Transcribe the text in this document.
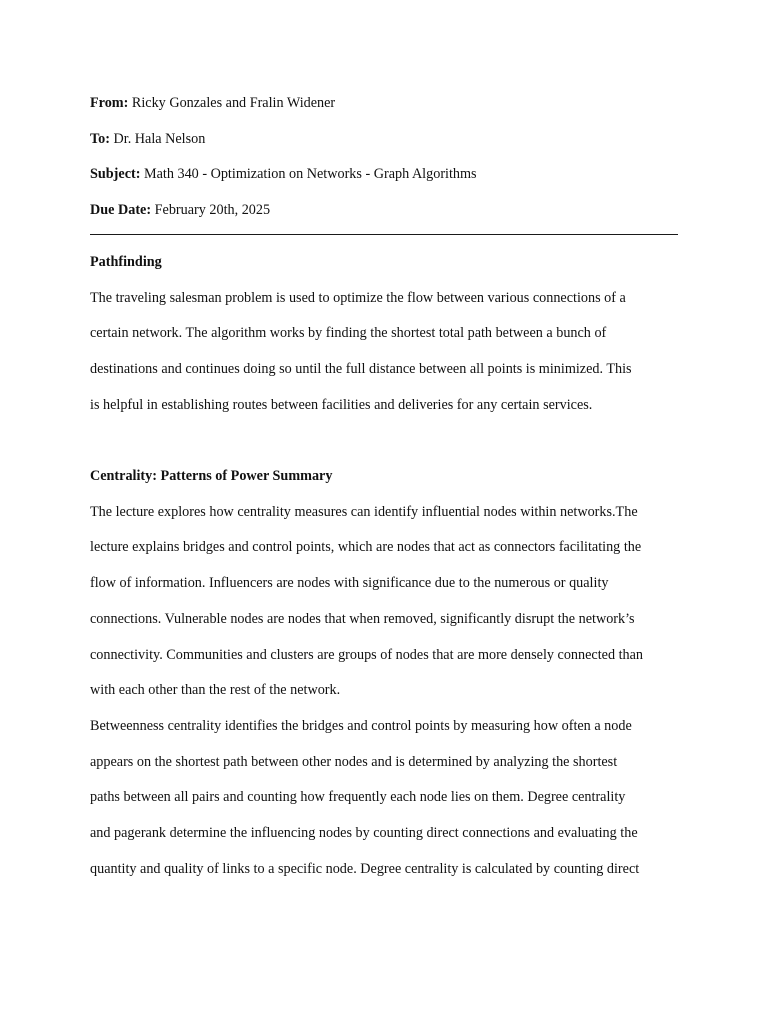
From: Ricky Gonzales and Fralin Widener
To: Dr. Hala Nelson
Subject: Math 340 - Optimization on Networks - Graph Algorithms
Due Date: February 20th, 2025
Pathfinding
The traveling salesman problem is used to optimize the flow between various connections of a
certain network. The algorithm works by finding the shortest total path between a bunch of
destinations and continues doing so until the full distance between all points is minimized. This
is helpful in establishing routes between facilities and deliveries for any certain services.
Centrality: Patterns of Power Summary
The lecture explores how centrality measures can identify influential nodes within networks.The
lecture explains bridges and control points, which are nodes that act as connectors facilitating the
flow of information. Influencers are nodes with significance due to the numerous or quality
connections. Vulnerable nodes are nodes that when removed, significantly disrupt the network’s
connectivity. Communities and clusters are groups of nodes that are more densely connected than
with each other than the rest of the network.
Betweenness centrality identifies the bridges and control points by measuring how often a node
appears on the shortest path between other nodes and is determined by analyzing the shortest
paths between all pairs and counting how frequently each node lies on them. Degree centrality
and pagerank determine the influencing nodes by counting direct connections and evaluating the
quantity and quality of links to a specific node. Degree centrality is calculated by counting direct
